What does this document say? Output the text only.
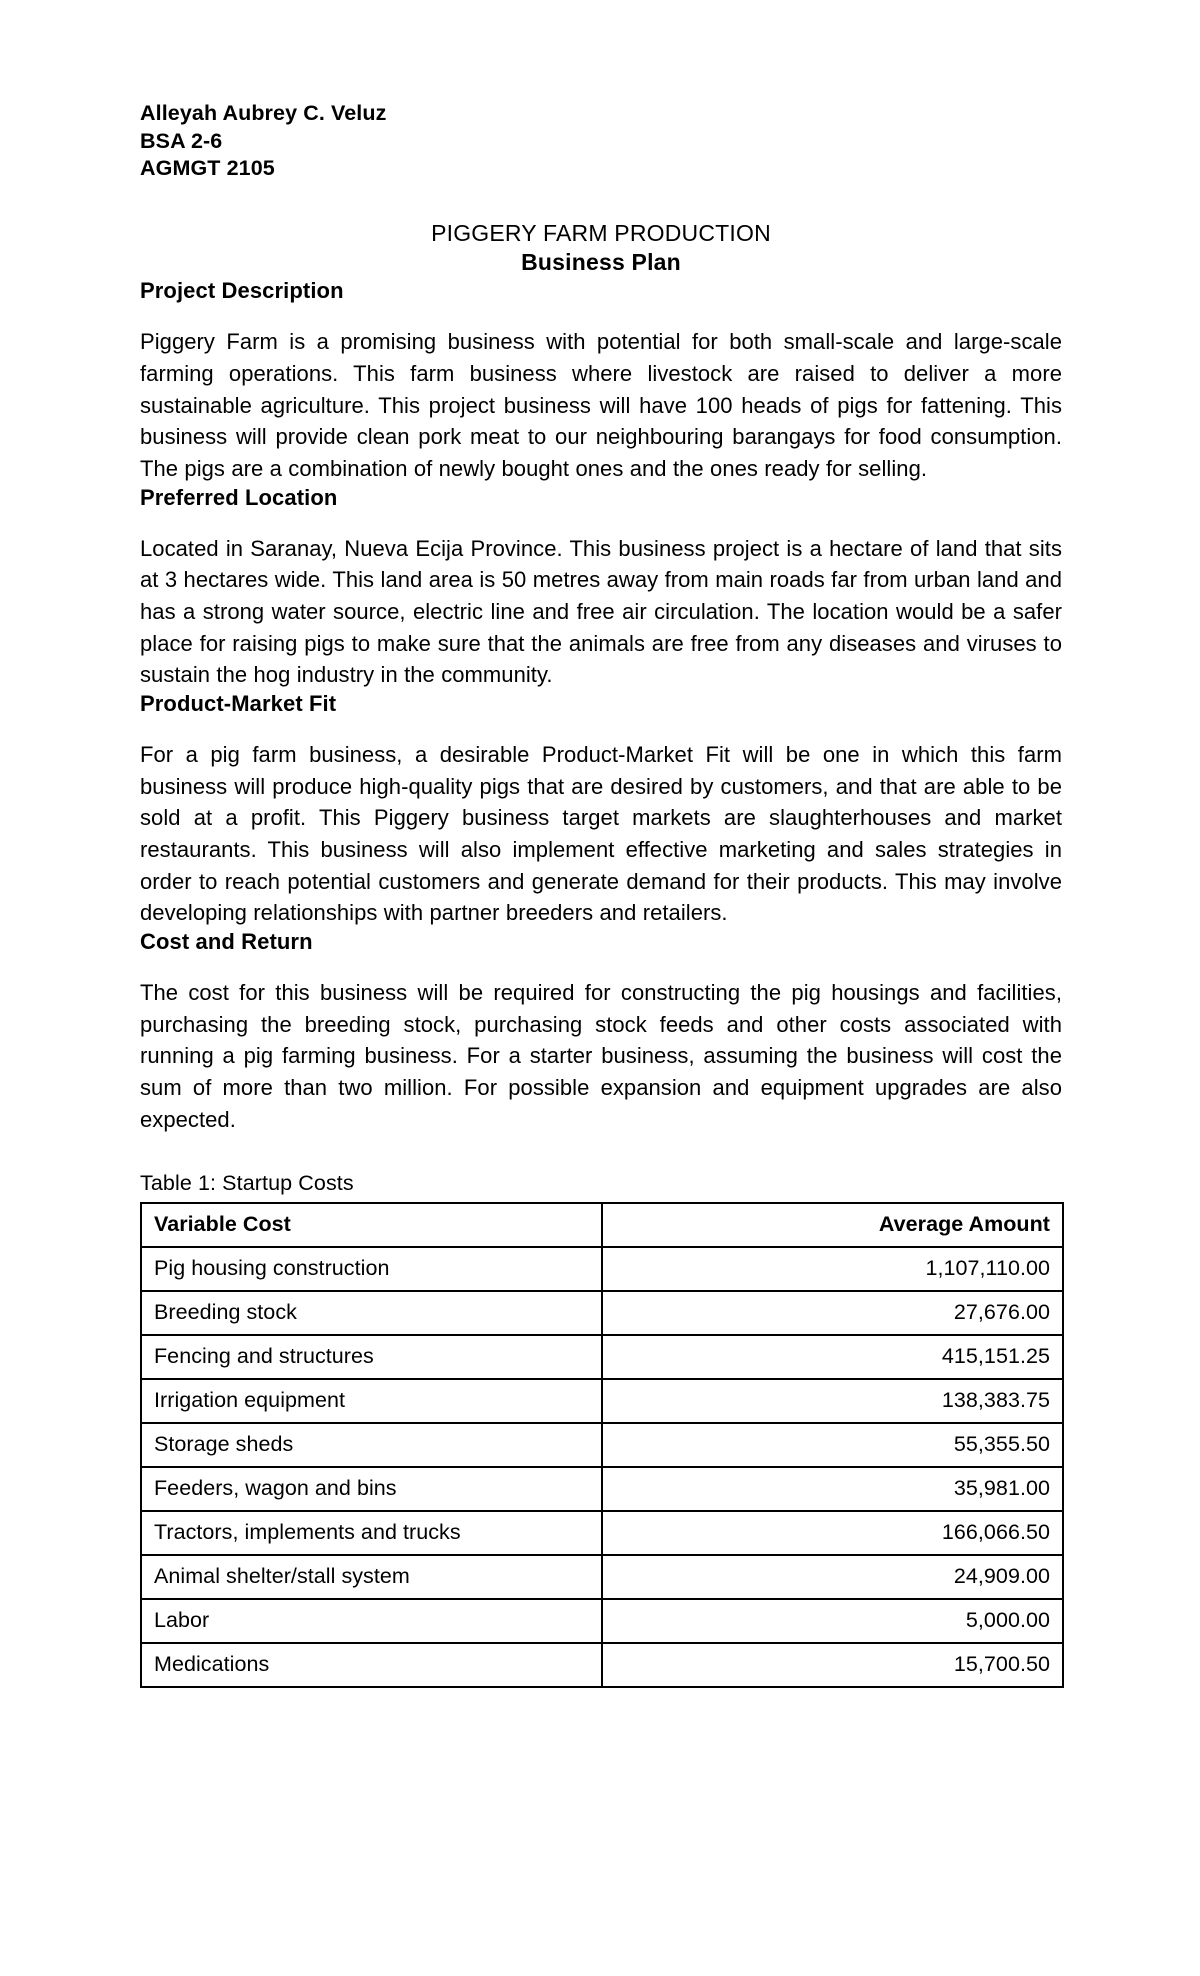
Alleyah Aubrey C. Veluz
BSA 2-6
AGMGT 2105
PIGGERY FARM PRODUCTION
Business Plan
Project Description

Piggery Farm is a promising business with potential for both small-scale and large-scale farming operations. This farm business where livestock are raised to deliver a more sustainable agriculture. This project business will have 100 heads of pigs for fattening. This business will provide clean pork meat to our neighbouring barangays for food consumption. The pigs are a combination of newly bought ones and the ones ready for selling.

Preferred Location

Located in Saranay, Nueva Ecija Province. This business project is a hectare of land that sits at 3 hectares wide. This land area is 50 metres away from main roads far from urban land and has a strong water source, electric line and free air circulation. The location would be a safer place for raising pigs to make sure that the animals are free from any diseases and viruses to sustain the hog industry in the community.

Product-Market Fit

For a pig farm business, a desirable Product-Market Fit will be one in which this farm business will produce high-quality pigs that are desired by customers, and that are able to be sold at a profit. This Piggery business target markets are slaughterhouses and market restaurants. This business will also implement effective marketing and sales strategies in order to reach potential customers and generate demand for their products. This may involve developing relationships with partner breeders and retailers.

Cost and Return

The cost for this business will be required for constructing the pig housings and facilities, purchasing the breeding stock, purchasing stock feeds and other costs associated with running a pig farming business. For a starter business, assuming the business will cost the sum of more than two million. For possible expansion and equipment upgrades are also expected.

Table 1: Startup Costs
Variable Cost	Average Amount
Pig housing construction	1,107,110.00
Breeding stock	27,676.00
Fencing and structures	415,151.25
Irrigation equipment	138,383.75
Storage sheds	55,355.50
Feeders, wagon and bins	35,981.00
Tractors, implements and trucks	166,066.50
Animal shelter/stall system	24,909.00
Labor	5,000.00
Medications	15,700.50
